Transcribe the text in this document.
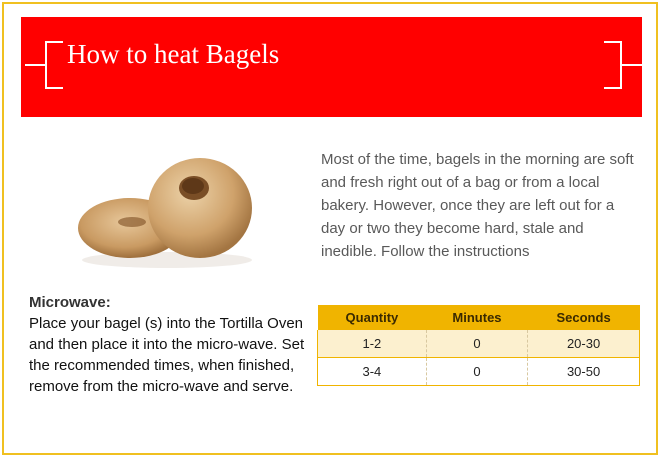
How to heat Bagels
Most of the time, bagels in the morning are soft and fresh right out of a bag or from a local bakery. However, once they are left out for a day or two they become hard, stale and inedible. Follow the instructions
Microwave:
Place your bagel (s) into the Tortilla Oven and then place it into the micro-wave. Set the recommended times, when finished, remove from the micro-wave and serve.
Quantity	Minutes	Seconds
1-2	0	20-30
3-4	0	30-50
